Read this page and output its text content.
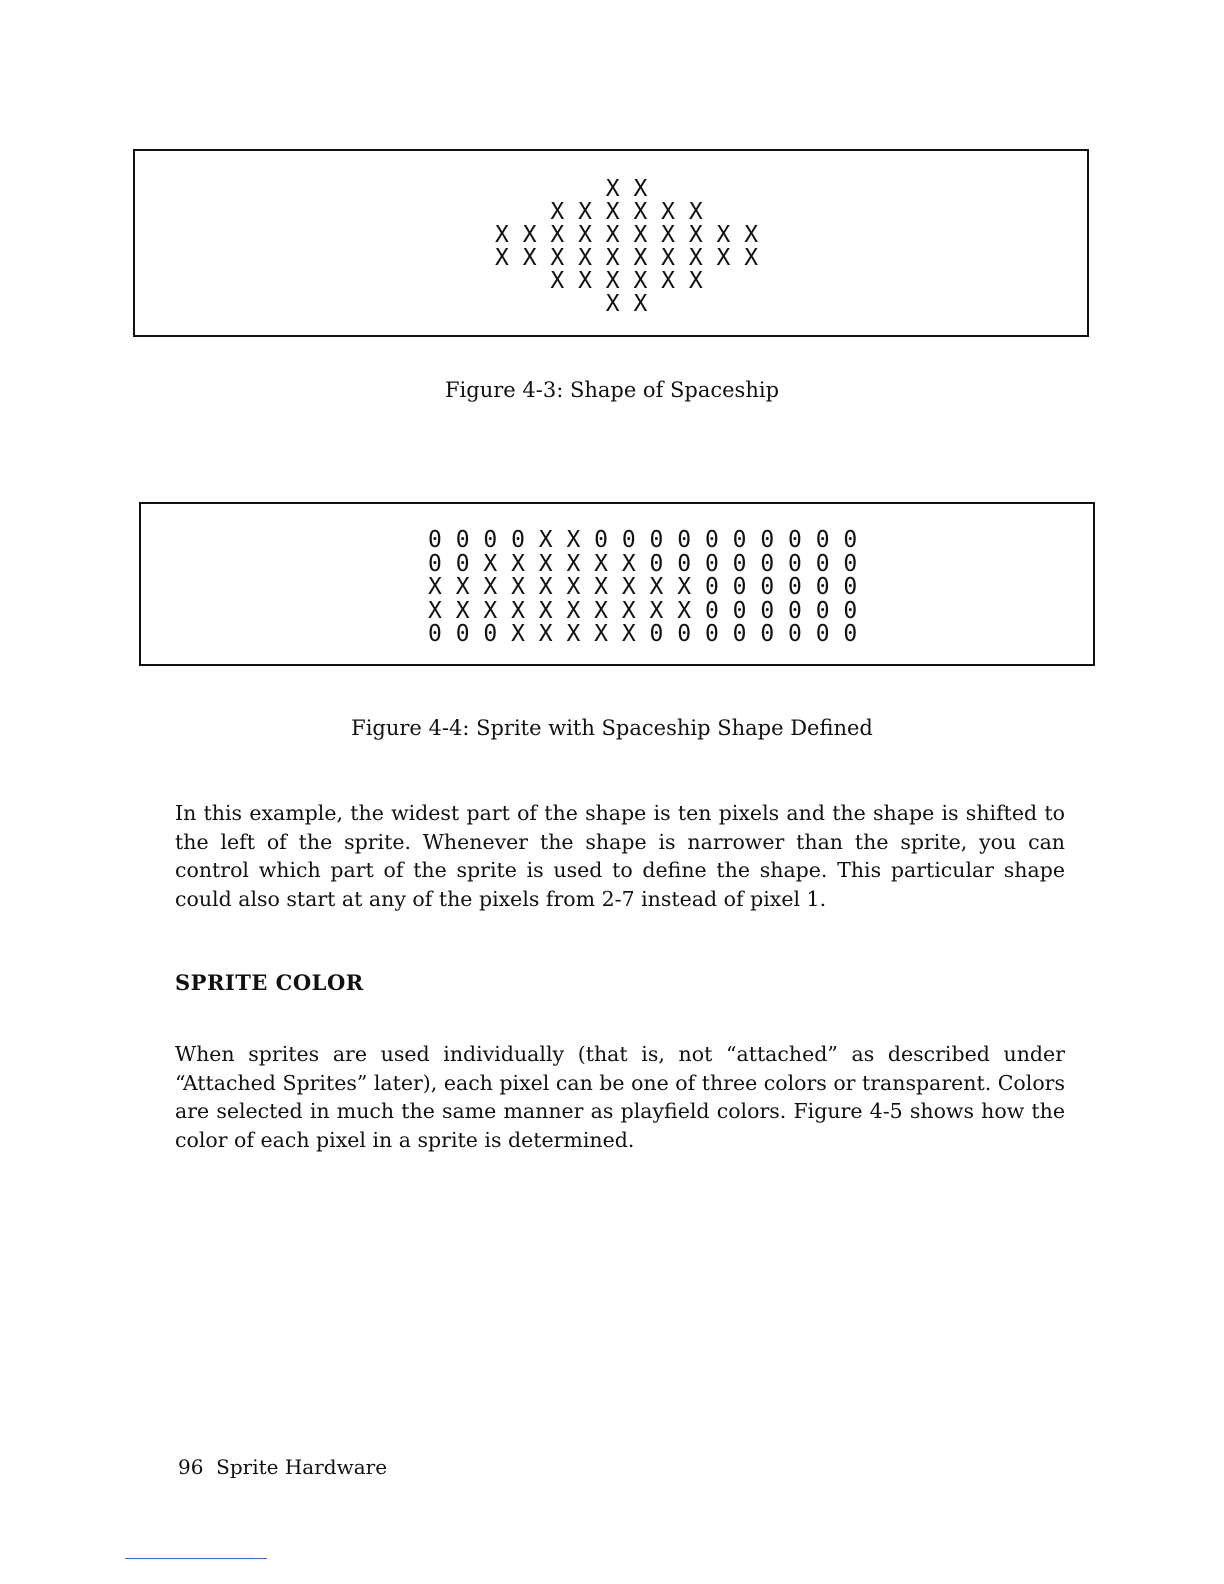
X X
X X X X X X
X X X X X X X X X X
X X X X X X X X X X
X X X X X X
X X
Figure 4-3: Shape of Spaceship
0 0 0 0 X X 0 0 0 0 0 0 0 0 0 0
0 0 X X X X X X 0 0 0 0 0 0 0 0
X X X X X X X X X X 0 0 0 0 0 0
X X X X X X X X X X 0 0 0 0 0 0
0 0 0 X X X X X 0 0 0 0 0 0 0 0
Figure 4-4: Sprite with Spaceship Shape Defined

In this example, the widest part of the shape is ten pixels and the shape is shifted to the left of the sprite. Whenever the shape is narrower than the sprite, you can control which part of the sprite is used to define the shape. This particular shape could also start at any of the pixels from 2-7 instead of pixel 1.

SPRITE COLOR

When sprites are used individually (that is, not “attached” as described under “Attached Sprites” later), each pixel can be one of three colors or transparent. Colors are selected in much the same manner as playfield colors. Figure 4-5 shows how the color of each pixel in a sprite is determined.

96 Sprite Hardware
